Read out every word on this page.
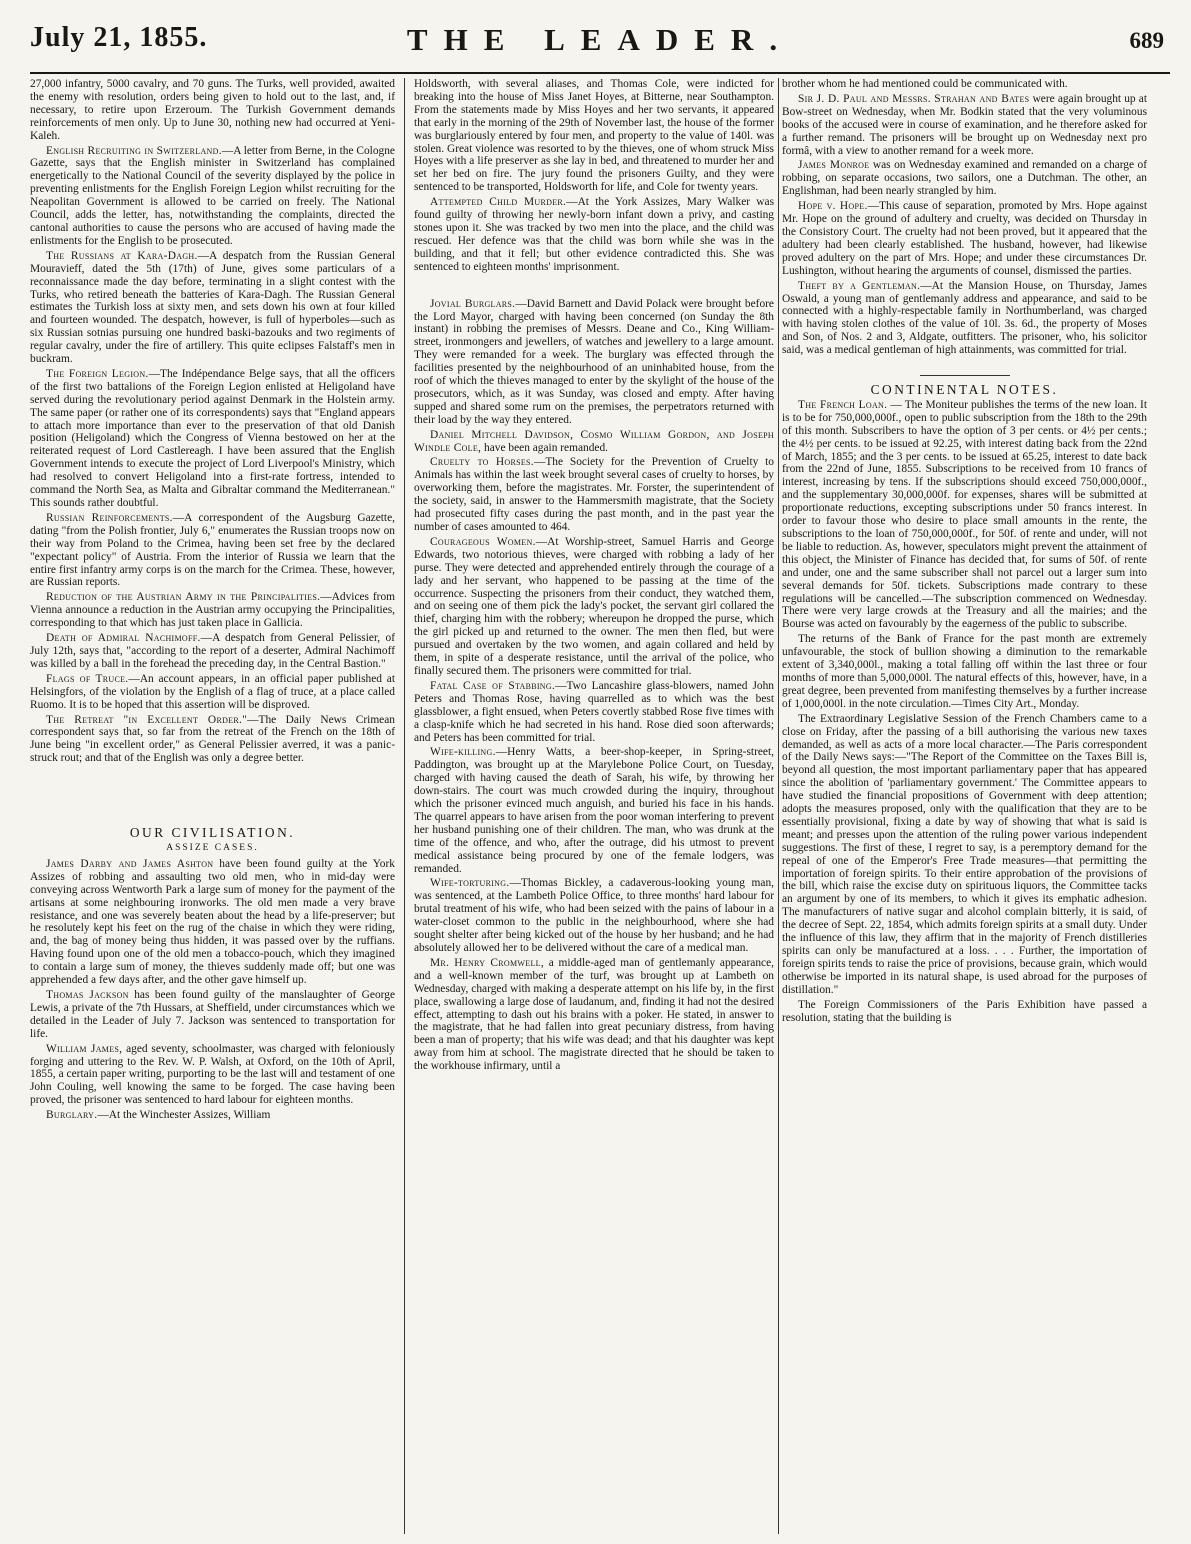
July 21, 1855.	THE LEADER.	689

27,000 infantry, 5000 cavalry, and 70 guns. The Turks, well provided, awaited the enemy with resolution, orders being given to hold out to the last, and, if necessary, to retire upon Erzeroum. The Turkish Government demands reinforcements of men only. Up to June 30, nothing new had occurred at Yeni-Kaleh.

English Recruiting in Switzerland.—A letter from Berne, in the Cologne Gazette, says that the English minister in Switzerland has complained energetically to the National Council of the severity displayed by the police in preventing enlistments for the English Foreign Legion whilst recruiting for the Neapolitan Government is allowed to be carried on freely. The National Council, adds the letter, has, notwithstanding the complaints, directed the cantonal authorities to cause the persons who are accused of having made the enlistments for the English to be prosecuted.

The Russians at Kara-Dagh.—A despatch from the Russian General Mouravieff, dated the 5th (17th) of June, gives some particulars of a reconnaissance made the day before, terminating in a slight contest with the Turks, who retired beneath the batteries of Kara-Dagh. The Russian General estimates the Turkish loss at sixty men, and sets down his own at four killed and fourteen wounded. The despatch, however, is full of hyperboles—such as six Russian sotnias pursuing one hundred baski-bazouks and two regiments of regular cavalry, under the fire of artillery. This quite eclipses Falstaff's men in buckram.

The Foreign Legion.—The Indépendance Belge says, that all the officers of the first two battalions of the Foreign Legion enlisted at Heligoland have served during the revolutionary period against Denmark in the Holstein army. The same paper (or rather one of its correspondents) says that "England appears to attach more importance than ever to the preservation of that old Danish position (Heligoland) which the Congress of Vienna bestowed on her at the reiterated request of Lord Castlereagh. I have been assured that the English Government intends to execute the project of Lord Liverpool's Ministry, which had resolved to convert Heligoland into a first-rate fortress, intended to command the North Sea, as Malta and Gibraltar command the Mediterranean." This sounds rather doubtful.

Russian Reinforcements.—A correspondent of the Augsburg Gazette, dating "from the Polish frontier, July 6," enumerates the Russian troops now on their way from Poland to the Crimea, having been set free by the declared "expectant policy" of Austria. From the interior of Russia we learn that the entire first infantry army corps is on the march for the Crimea. These, however, are Russian reports.

Reduction of the Austrian Army in the Principalities.—Advices from Vienna announce a reduction in the Austrian army occupying the Principalities, corresponding to that which has just taken place in Gallicia.

Death of Admiral Nachimoff.—A despatch from General Pelissier, of July 12th, says that, "according to the report of a deserter, Admiral Nachimoff was killed by a ball in the forehead the preceding day, in the Central Bastion."

Flags of Truce.—An account appears, in an official paper published at Helsingfors, of the violation by the English of a flag of truce, at a place called Ruomo. It is to be hoped that this assertion will be disproved.

The Retreat "in Excellent Order."—The Daily News Crimean correspondent says that, so far from the retreat of the French on the 18th of June being "in excellent order," as General Pelissier averred, it was a panic-struck rout; and that of the English was only a degree better.

OUR CIVILISATION.
ASSIZE CASES.

James Darby and James Ashton have been found guilty at the York Assizes of robbing and assaulting two old men, who in mid-day were conveying across Wentworth Park a large sum of money for the payment of the artisans at some neighbouring ironworks. The old men made a very brave resistance, and one was severely beaten about the head by a life-preserver; but he resolutely kept his feet on the rug of the chaise in which they were riding, and, the bag of money being thus hidden, it was passed over by the ruffians. Having found upon one of the old men a tobacco-pouch, which they imagined to contain a large sum of money, the thieves suddenly made off; but one was apprehended a few days after, and the other gave himself up.

Thomas Jackson has been found guilty of the manslaughter of George Lewis, a private of the 7th Hussars, at Sheffield, under circumstances which we detailed in the Leader of July 7. Jackson was sentenced to transportation for life.

William James, aged seventy, schoolmaster, was charged with feloniously forging and uttering to the Rev. W. P. Walsh, at Oxford, on the 10th of April, 1855, a certain paper writing, purporting to be the last will and testament of one John Couling, well knowing the same to be forged. The case having been proved, the prisoner was sentenced to hard labour for eighteen months.

Burglary.—At the Winchester Assizes, William

Holdsworth, with several aliases, and Thomas Cole, were indicted for breaking into the house of Miss Janet Hoyes, at Bitterne, near Southampton. From the statements made by Miss Hoyes and her two servants, it appeared that early in the morning of the 29th of November last, the house of the former was burglariously entered by four men, and property to the value of 140l. was stolen. Great violence was resorted to by the thieves, one of whom struck Miss Hoyes with a life preserver as she lay in bed, and threatened to murder her and set her bed on fire. The jury found the prisoners Guilty, and they were sentenced to be transported, Holdsworth for life, and Cole for twenty years.

Attempted Child Murder.—At the York Assizes, Mary Walker was found guilty of throwing her newly-born infant down a privy, and casting stones upon it. She was tracked by two men into the place, and the child was rescued. Her defence was that the child was born while she was in the building, and that it fell; but other evidence contradicted this. She was sentenced to eighteen months' imprisonment.

Jovial Burglars.—David Barnett and David Polack were brought before the Lord Mayor, charged with having been concerned (on Sunday the 8th instant) in robbing the premises of Messrs. Deane and Co., King William-street, ironmongers and jewellers, of watches and jewellery to a large amount. They were remanded for a week. The burglary was effected through the facilities presented by the neighbourhood of an uninhabited house, from the roof of which the thieves managed to enter by the skylight of the house of the prosecutors, which, as it was Sunday, was closed and empty. After having supped and shared some rum on the premises, the perpetrators returned with their load by the way they entered.

Daniel Mitchell Davidson, Cosmo William Gordon, and Joseph Windle Cole, have been again remanded.

Cruelty to Horses.—The Society for the Prevention of Cruelty to Animals has within the last week brought several cases of cruelty to horses, by overworking them, before the magistrates. Mr. Forster, the superintendent of the society, said, in answer to the Hammersmith magistrate, that the Society had prosecuted fifty cases during the past month, and in the past year the number of cases amounted to 464.

Courageous Women.—At Worship-street, Samuel Harris and George Edwards, two notorious thieves, were charged with robbing a lady of her purse. They were detected and apprehended entirely through the courage of a lady and her servant, who happened to be passing at the time of the occurrence. Suspecting the prisoners from their conduct, they watched them, and on seeing one of them pick the lady's pocket, the servant girl collared the thief, charging him with the robbery; whereupon he dropped the purse, which the girl picked up and returned to the owner. The men then fled, but were pursued and overtaken by the two women, and again collared and held by them, in spite of a desperate resistance, until the arrival of the police, who finally secured them. The prisoners were committed for trial.

Fatal Case of Stabbing.—Two Lancashire glass-blowers, named John Peters and Thomas Rose, having quarrelled as to which was the best glassblower, a fight ensued, when Peters covertly stabbed Rose five times with a clasp-knife which he had secreted in his hand. Rose died soon afterwards; and Peters has been committed for trial.

Wife-killing.—Henry Watts, a beer-shop-keeper, in Spring-street, Paddington, was brought up at the Marylebone Police Court, on Tuesday, charged with having caused the death of Sarah, his wife, by throwing her down-stairs. The court was much crowded during the inquiry, throughout which the prisoner evinced much anguish, and buried his face in his hands. The quarrel appears to have arisen from the poor woman interfering to prevent her husband punishing one of their children. The man, who was drunk at the time of the offence, and who, after the outrage, did his utmost to prevent medical assistance being procured by one of the female lodgers, was remanded.

Wife-torturing.—Thomas Bickley, a cadaverous-looking young man, was sentenced, at the Lambeth Police Office, to three months' hard labour for brutal treatment of his wife, who had been seized with the pains of labour in a water-closet common to the public in the neighbourhood, where she had sought shelter after being kicked out of the house by her husband; and he had absolutely allowed her to be delivered without the care of a medical man.

Mr. Henry Cromwell, a middle-aged man of gentlemanly appearance, and a well-known member of the turf, was brought up at Lambeth on Wednesday, charged with making a desperate attempt on his life by, in the first place, swallowing a large dose of laudanum, and, finding it had not the desired effect, attempting to dash out his brains with a poker. He stated, in answer to the magistrate, that he had fallen into great pecuniary distress, from having been a man of property; that his wife was dead; and that his daughter was kept away from him at school. The magistrate directed that he should be taken to the workhouse infirmary, until a

brother whom he had mentioned could be communicated with.

Sir J. D. Paul and Messrs. Strahan and Bates were again brought up at Bow-street on Wednesday, when Mr. Bodkin stated that the very voluminous books of the accused were in course of examination, and he therefore asked for a further remand. The prisoners will be brought up on Wednesday next pro formâ, with a view to another remand for a week more.

James Monroe was on Wednesday examined and remanded on a charge of robbing, on separate occasions, two sailors, one a Dutchman. The other, an Englishman, had been nearly strangled by him.

Hope v. Hope.—This cause of separation, promoted by Mrs. Hope against Mr. Hope on the ground of adultery and cruelty, was decided on Thursday in the Consistory Court. The cruelty had not been proved, but it appeared that the adultery had been clearly established. The husband, however, had likewise proved adultery on the part of Mrs. Hope; and under these circumstances Dr. Lushington, without hearing the arguments of counsel, dismissed the parties.

Theft by a Gentleman.—At the Mansion House, on Thursday, James Oswald, a young man of gentlemanly address and appearance, and said to be connected with a highly-respectable family in Northumberland, was charged with having stolen clothes of the value of 10l. 3s. 6d., the property of Moses and Son, of Nos. 2 and 3, Aldgate, outfitters. The prisoner, who, his solicitor said, was a medical gentleman of high attainments, was committed for trial.

CONTINENTAL NOTES.

The French Loan. — The Moniteur publishes the terms of the new loan. It is to be for 750,000,000f., open to public subscription from the 18th to the 29th of this month. Subscribers to have the option of 3 per cents. or 4½ per cents.; the 4½ per cents. to be issued at 92.25, with interest dating back from the 22nd of March, 1855; and the 3 per cents. to be issued at 65.25, interest to date back from the 22nd of June, 1855. Subscriptions to be received from 10 francs of interest, increasing by tens. If the subscriptions should exceed 750,000,000f., and the supplementary 30,000,000f. for expenses, shares will be submitted at proportionate reductions, excepting subscriptions under 50 francs interest. In order to favour those who desire to place small amounts in the rente, the subscriptions to the loan of 750,000,000f., for 50f. of rente and under, will not be liable to reduction. As, however, speculators might prevent the attainment of this object, the Minister of Finance has decided that, for sums of 50f. of rente and under, one and the same subscriber shall not parcel out a larger sum into several demands for 50f. tickets. Subscriptions made contrary to these regulations will be cancelled.—The subscription commenced on Wednesday. There were very large crowds at the Treasury and all the mairies; and the Bourse was acted on favourably by the eagerness of the public to subscribe.

The returns of the Bank of France for the past month are extremely unfavourable, the stock of bullion showing a diminution to the remarkable extent of 3,340,000l., making a total falling off within the last three or four months of more than 5,000,000l. The natural effects of this, however, have, in a great degree, been prevented from manifesting themselves by a further increase of 1,000,000l. in the note circulation.—Times City Art., Monday.

The Extraordinary Legislative Session of the French Chambers came to a close on Friday, after the passing of a bill authorising the various new taxes demanded, as well as acts of a more local character.—The Paris correspondent of the Daily News says:—"The Report of the Committee on the Taxes Bill is, beyond all question, the most important parliamentary paper that has appeared since the abolition of 'parliamentary government.' The Committee appears to have studied the financial propositions of Government with deep attention; adopts the measures proposed, only with the qualification that they are to be essentially provisional, fixing a date by way of showing that what is said is meant; and presses upon the attention of the ruling power various independent suggestions. The first of these, I regret to say, is a peremptory demand for the repeal of one of the Emperor's Free Trade measures—that permitting the importation of foreign spirits. To their entire approbation of the provisions of the bill, which raise the excise duty on spirituous liquors, the Committee tacks an argument by one of its members, to which it gives its emphatic adhesion. The manufacturers of native sugar and alcohol complain bitterly, it is said, of the decree of Sept. 22, 1854, which admits foreign spirits at a small duty. Under the influence of this law, they affirm that in the majority of French distilleries spirits can only be manufactured at a loss. . . . Further, the importation of foreign spirits tends to raise the price of provisions, because grain, which would otherwise be imported in its natural shape, is used abroad for the purposes of distillation."

The Foreign Commissioners of the Paris Exhibition have passed a resolution, stating that the building is
